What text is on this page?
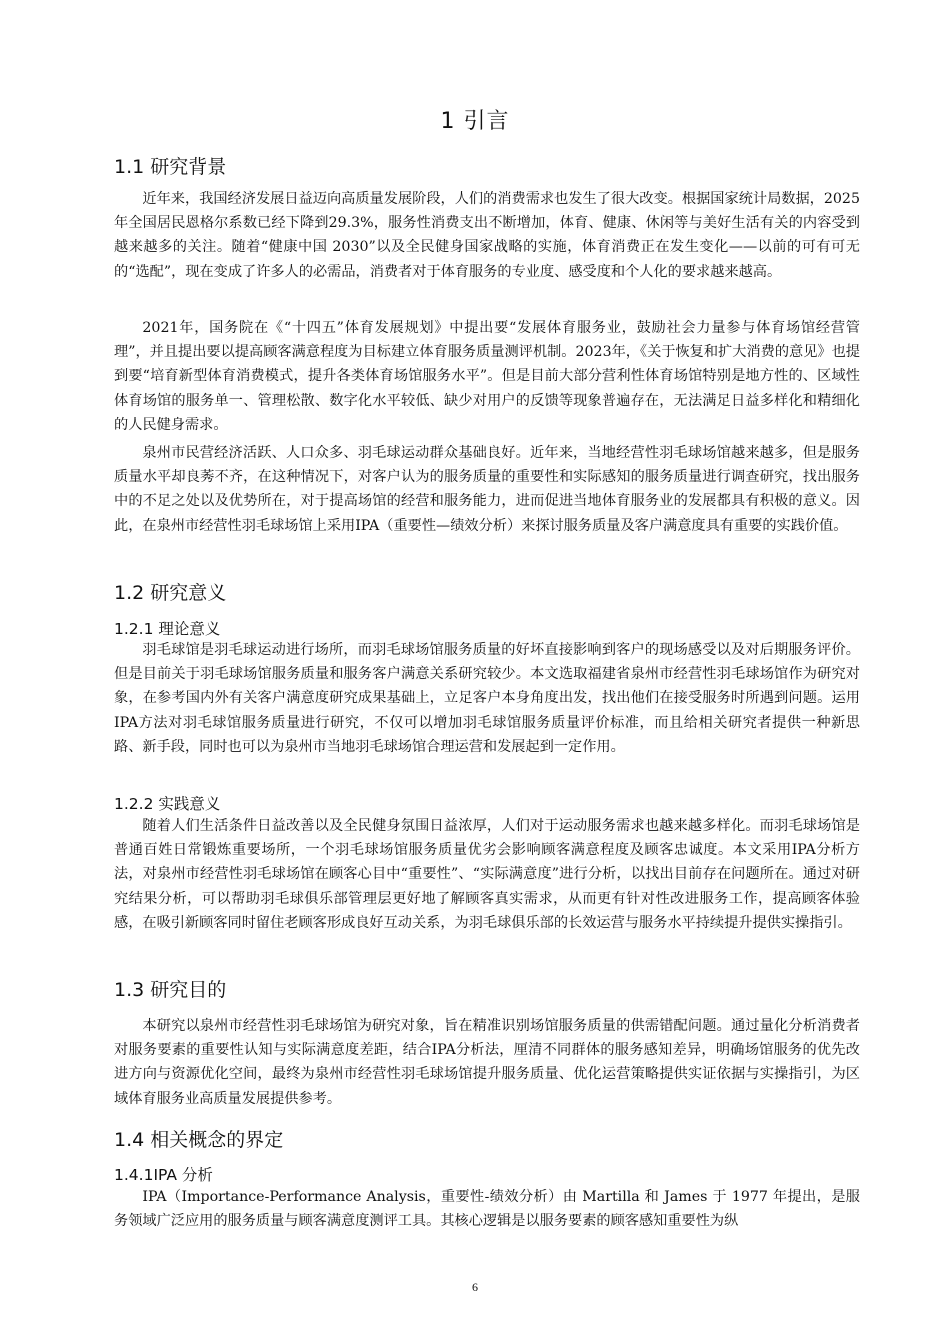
1 引言
1.1 研究背景

近年来，我国经济发展日益迈向高质量发展阶段，人们的消费需求也发生了很大改变。根据国家统计局数据，2025年全国居民恩格尔系数已经下降到29.3%，服务性消费支出不断增加，体育、健康、休闲等与美好生活有关的内容受到越来越多的关注。随着“健康中国 2030”以及全民健身国家战略的实施，体育消费正在发生变化——以前的可有可无的“选配”，现在变成了许多人的必需品，消费者对于体育服务的专业度、感受度和个人化的要求越来越高。

2021年，国务院在《“十四五”体育发展规划》中提出要“发展体育服务业，鼓励社会力量参与体育场馆经营管理”，并且提出要以提高顾客满意程度为目标建立体育服务质量测评机制。2023年，《关于恢复和扩大消费的意见》也提到要“培育新型体育消费模式，提升各类体育场馆服务水平”。但是目前大部分营利性体育场馆特别是地方性的、区域性体育场馆的服务单一、管理松散、数字化水平较低、缺少对用户的反馈等现象普遍存在，无法满足日益多样化和精细化的人民健身需求。

泉州市民营经济活跃、人口众多、羽毛球运动群众基础良好。近年来，当地经营性羽毛球场馆越来越多，但是服务质量水平却良莠不齐，在这种情况下，对客户认为的服务质量的重要性和实际感知的服务质量进行调查研究，找出服务中的不足之处以及优势所在，对于提高场馆的经营和服务能力，进而促进当地体育服务业的发展都具有积极的意义。因此，在泉州市经营性羽毛球场馆上采用IPA（重要性—绩效分析）来探讨服务质量及客户满意度具有重要的实践价值。

1.2 研究意义
1.2.1 理论意义

羽毛球馆是羽毛球运动进行场所，而羽毛球场馆服务质量的好坏直接影响到客户的现场感受以及对后期服务评价。但是目前关于羽毛球场馆服务质量和服务客户满意关系研究较少。本文选取福建省泉州市经营性羽毛球场馆作为研究对象，在参考国内外有关客户满意度研究成果基础上，立足客户本身角度出发，找出他们在接受服务时所遇到问题。运用IPA方法对羽毛球馆服务质量进行研究，不仅可以增加羽毛球馆服务质量评价标准，而且给相关研究者提供一种新思路、新手段，同时也可以为泉州市当地羽毛球场馆合理运营和发展起到一定作用。

1.2.2 实践意义

随着人们生活条件日益改善以及全民健身氛围日益浓厚，人们对于运动服务需求也越来越多样化。而羽毛球场馆是普通百姓日常锻炼重要场所，一个羽毛球场馆服务质量优劣会影响顾客满意程度及顾客忠诚度。本文采用IPA分析方法，对泉州市经营性羽毛球场馆在顾客心目中“重要性”、“实际满意度”进行分析，以找出目前存在问题所在。通过对研究结果分析，可以帮助羽毛球俱乐部管理层更好地了解顾客真实需求，从而更有针对性改进服务工作，提高顾客体验感，在吸引新顾客同时留住老顾客形成良好互动关系，为羽毛球俱乐部的长效运营与服务水平持续提升提供实操指引。

1.3 研究目的

本研究以泉州市经营性羽毛球场馆为研究对象，旨在精准识别场馆服务质量的供需错配问题。通过量化分析消费者对服务要素的重要性认知与实际满意度差距，结合IPA分析法，厘清不同群体的服务感知差异，明确场馆服务的优先改进方向与资源优化空间，最终为泉州市经营性羽毛球场馆提升服务质量、优化运营策略提供实证依据与实操指引，为区域体育服务业高质量发展提供参考。

1.4 相关概念的界定
1.4.1IPA 分析

IPA（Importance-Performance Analysis，重要性-绩效分析）由 Martilla 和 James 于 1977 年提出，是服务领域广泛应用的服务质量与顾客满意度测评工具。其核心逻辑是以服务要素的顾客感知重要性为纵

6
